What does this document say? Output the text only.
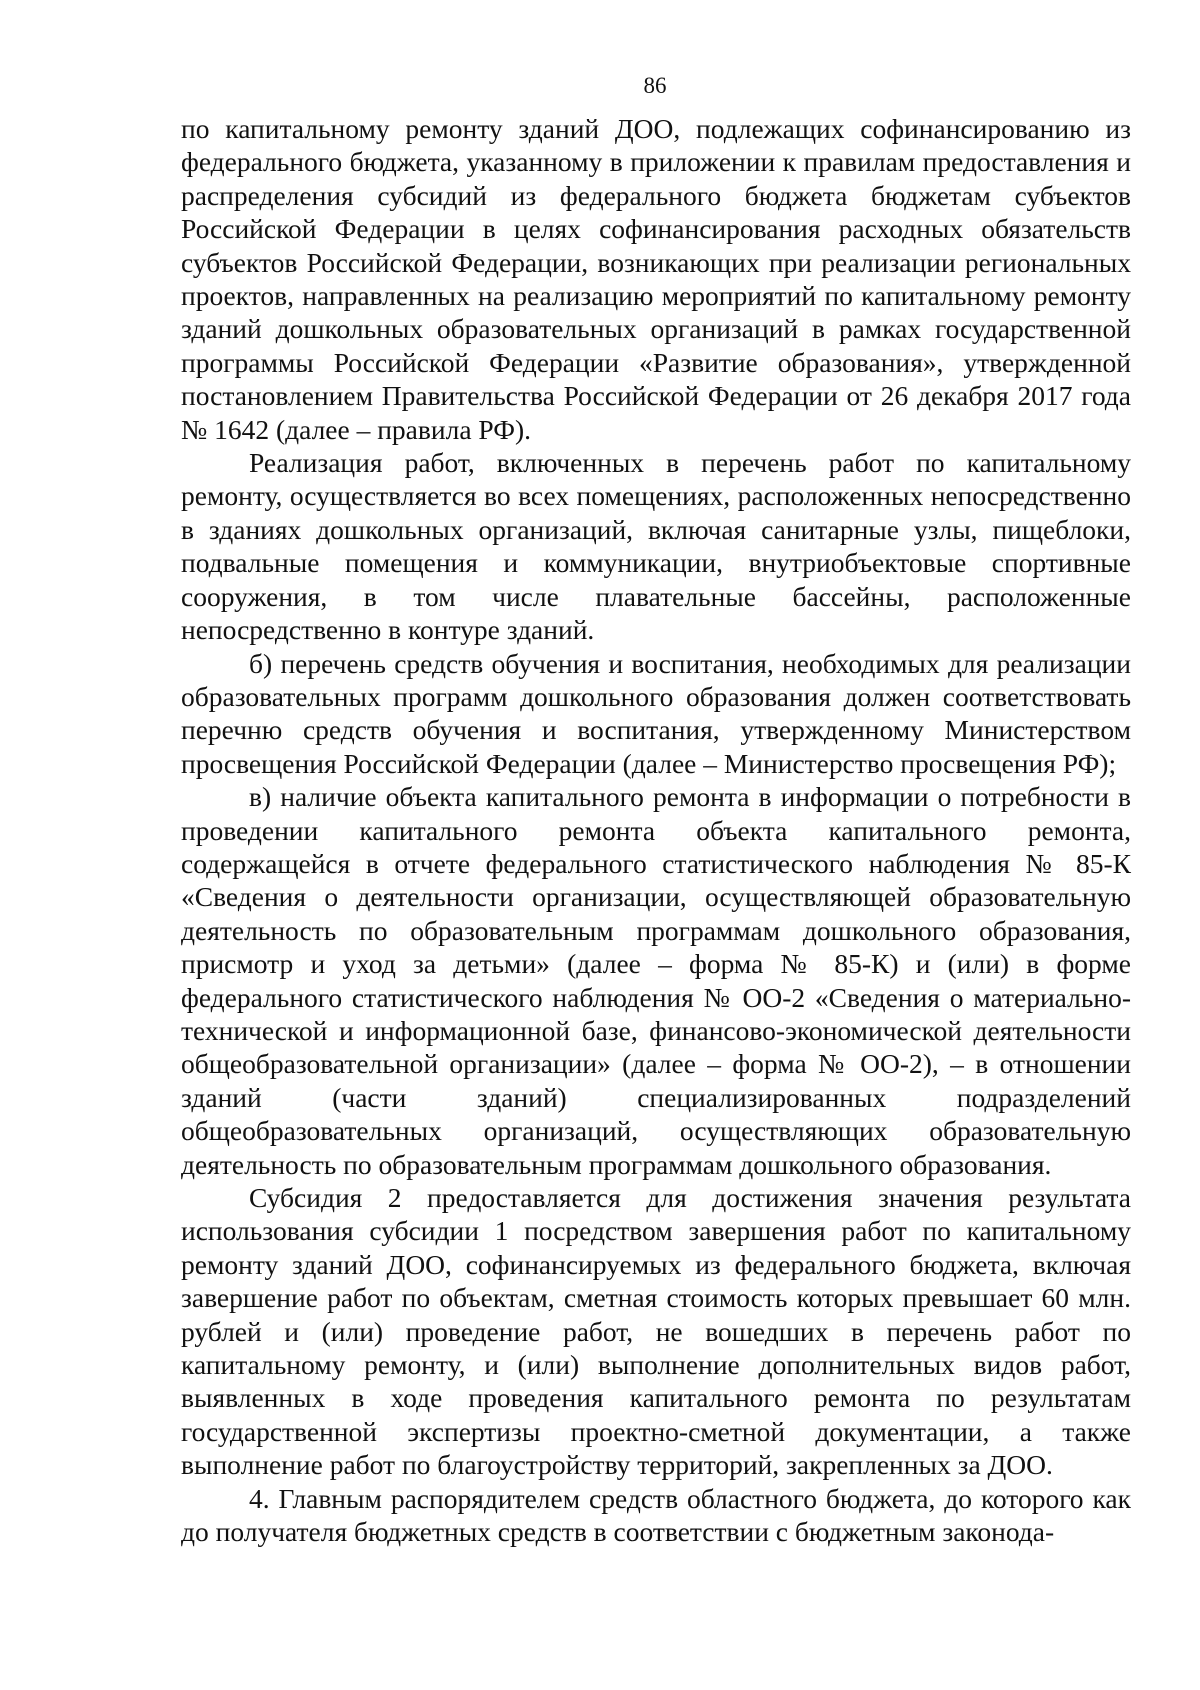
86

по капитальному ремонту зданий ДОО, подлежащих софинансированию из федерального бюджета, указанному в приложении к правилам предоставления и распределения субсидий из федерального бюджета бюджетам субъектов Российской Федерации в целях софинансирования расходных обязательств субъектов Российской Федерации, возникающих при реализации региональных проектов, направленных на реализацию мероприятий по капитальному ремонту зданий дошкольных образовательных организаций в рамках государственной программы Российской Федерации «Развитие образования», утвержденной постановлением Правительства Российской Федерации от 26 декабря 2017 года № 1642 (далее – правила РФ).

Реализация работ, включенных в перечень работ по капитальному ремонту, осуществляется во всех помещениях, расположенных непосредственно в зданиях дошкольных организаций, включая санитарные узлы, пищеблоки, подвальные помещения и коммуникации, внутриобъектовые спортивные сооружения, в том числе плавательные бассейны, расположенные непосредственно в контуре зданий.

б) перечень средств обучения и воспитания, необходимых для реализации образовательных программ дошкольного образования должен соответствовать перечню средств обучения и воспитания, утвержденному Министерством просвещения Российской Федерации (далее – Министерство просвещения РФ);

в) наличие объекта капитального ремонта в информации о потребности в проведении капитального ремонта объекта капитального ремонта, содержащейся в отчете федерального статистического наблюдения № 85-К «Сведения о деятельности организации, осуществляющей образовательную деятельность по образовательным программам дошкольного образования, присмотр и уход за детьми» (далее – форма № 85-К) и (или) в форме федерального статистического наблюдения № ОО-2 «Сведения о материально-технической и информационной базе, финансово-экономической деятельности общеобразовательной организации» (далее – форма № ОО-2), – в отношении зданий (части зданий) специализированных подразделений общеобразовательных организаций, осуществляющих образовательную деятельность по образовательным программам дошкольного образования.

Субсидия 2 предоставляется для достижения значения результата использования субсидии 1 посредством завершения работ по капитальному ремонту зданий ДОО, софинансируемых из федерального бюджета, включая завершение работ по объектам, сметная стоимость которых превышает 60 млн. рублей и (или) проведение работ, не вошедших в перечень работ по капитальному ремонту, и (или) выполнение дополнительных видов работ, выявленных в ходе проведения капитального ремонта по результатам государственной экспертизы проектно-сметной документации, а также выполнение работ по благоустройству территорий, закрепленных за ДОО.

4. Главным распорядителем средств областного бюджета, до которого как до получателя бюджетных средств в соответствии с бюджетным законода-
